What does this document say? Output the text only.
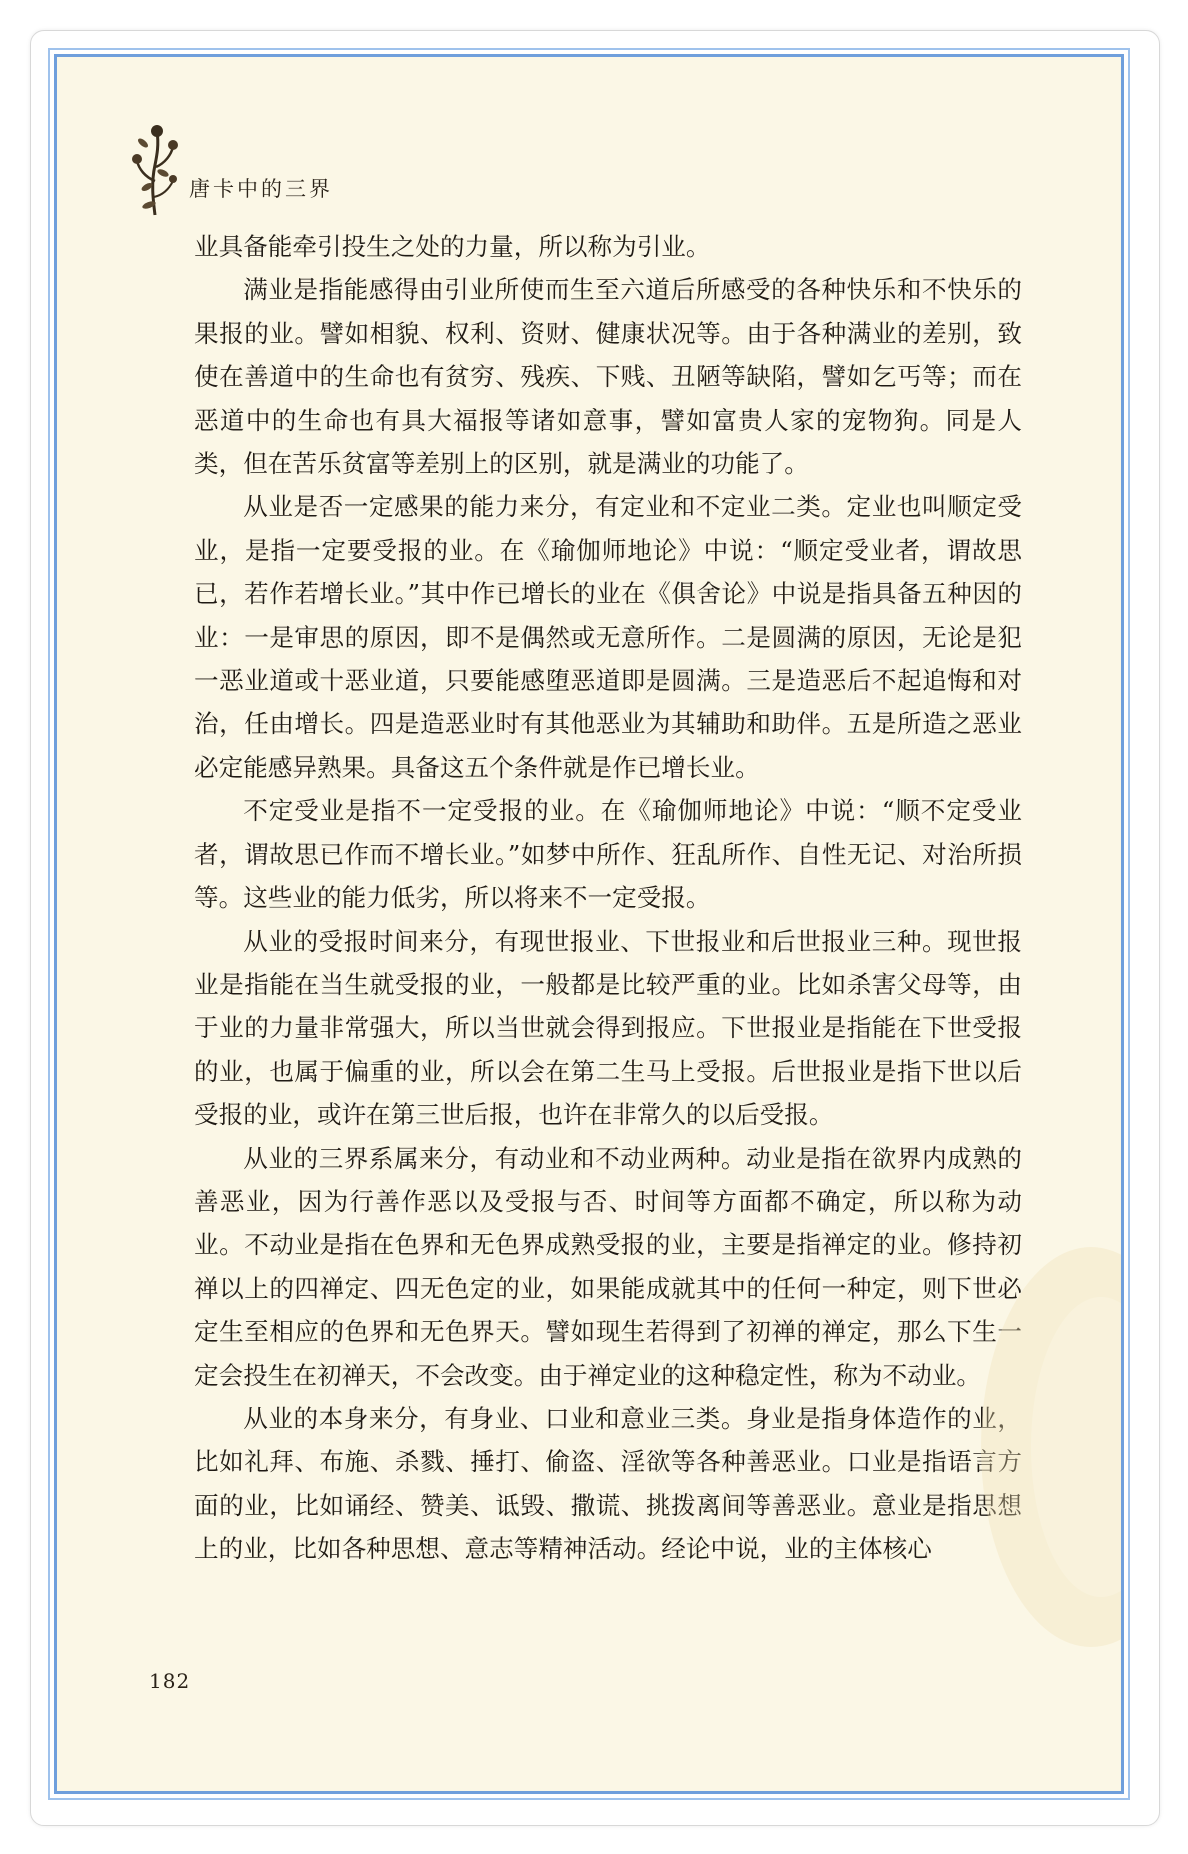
唐卡中的三界

业具备能牵引投生之处的力量，所以称为引业。

满业是指能感得由引业所使而生至六道后所感受的各种快乐和不快乐的果报的业。譬如相貌、权利、资财、健康状况等。由于各种满业的差别，致使在善道中的生命也有贫穷、残疾、下贱、丑陋等缺陷，譬如乞丐等；而在恶道中的生命也有具大福报等诸如意事，譬如富贵人家的宠物狗。同是人类，但在苦乐贫富等差别上的区别，就是满业的功能了。

从业是否一定感果的能力来分，有定业和不定业二类。定业也叫顺定受业，是指一定要受报的业。在《瑜伽师地论》中说：“顺定受业者，谓故思已，若作若增长业。”其中作已增长的业在《俱舍论》中说是指具备五种因的业：一是审思的原因，即不是偶然或无意所作。二是圆满的原因，无论是犯一恶业道或十恶业道，只要能感堕恶道即是圆满。三是造恶后不起追悔和对治，任由增长。四是造恶业时有其他恶业为其辅助和助伴。五是所造之恶业必定能感异熟果。具备这五个条件就是作已增长业。

不定受业是指不一定受报的业。在《瑜伽师地论》中说：“顺不定受业者，谓故思已作而不增长业。”如梦中所作、狂乱所作、自性无记、对治所损等。这些业的能力低劣，所以将来不一定受报。

从业的受报时间来分，有现世报业、下世报业和后世报业三种。现世报业是指能在当生就受报的业，一般都是比较严重的业。比如杀害父母等，由于业的力量非常强大，所以当世就会得到报应。下世报业是指能在下世受报的业，也属于偏重的业，所以会在第二生马上受报。后世报业是指下世以后受报的业，或许在第三世后报，也许在非常久的以后受报。

从业的三界系属来分，有动业和不动业两种。动业是指在欲界内成熟的善恶业，因为行善作恶以及受报与否、时间等方面都不确定，所以称为动业。不动业是指在色界和无色界成熟受报的业，主要是指禅定的业。修持初禅以上的四禅定、四无色定的业，如果能成就其中的任何一种定，则下世必定生至相应的色界和无色界天。譬如现生若得到了初禅的禅定，那么下生一定会投生在初禅天，不会改变。由于禅定业的这种稳定性，称为不动业。

从业的本身来分，有身业、口业和意业三类。身业是指身体造作的业，比如礼拜、布施、杀戮、捶打、偷盗、淫欲等各种善恶业。口业是指语言方面的业，比如诵经、赞美、诋毁、撒谎、挑拨离间等善恶业。意业是指思想上的业，比如各种思想、意志等精神活动。经论中说，业的主体核心

182
